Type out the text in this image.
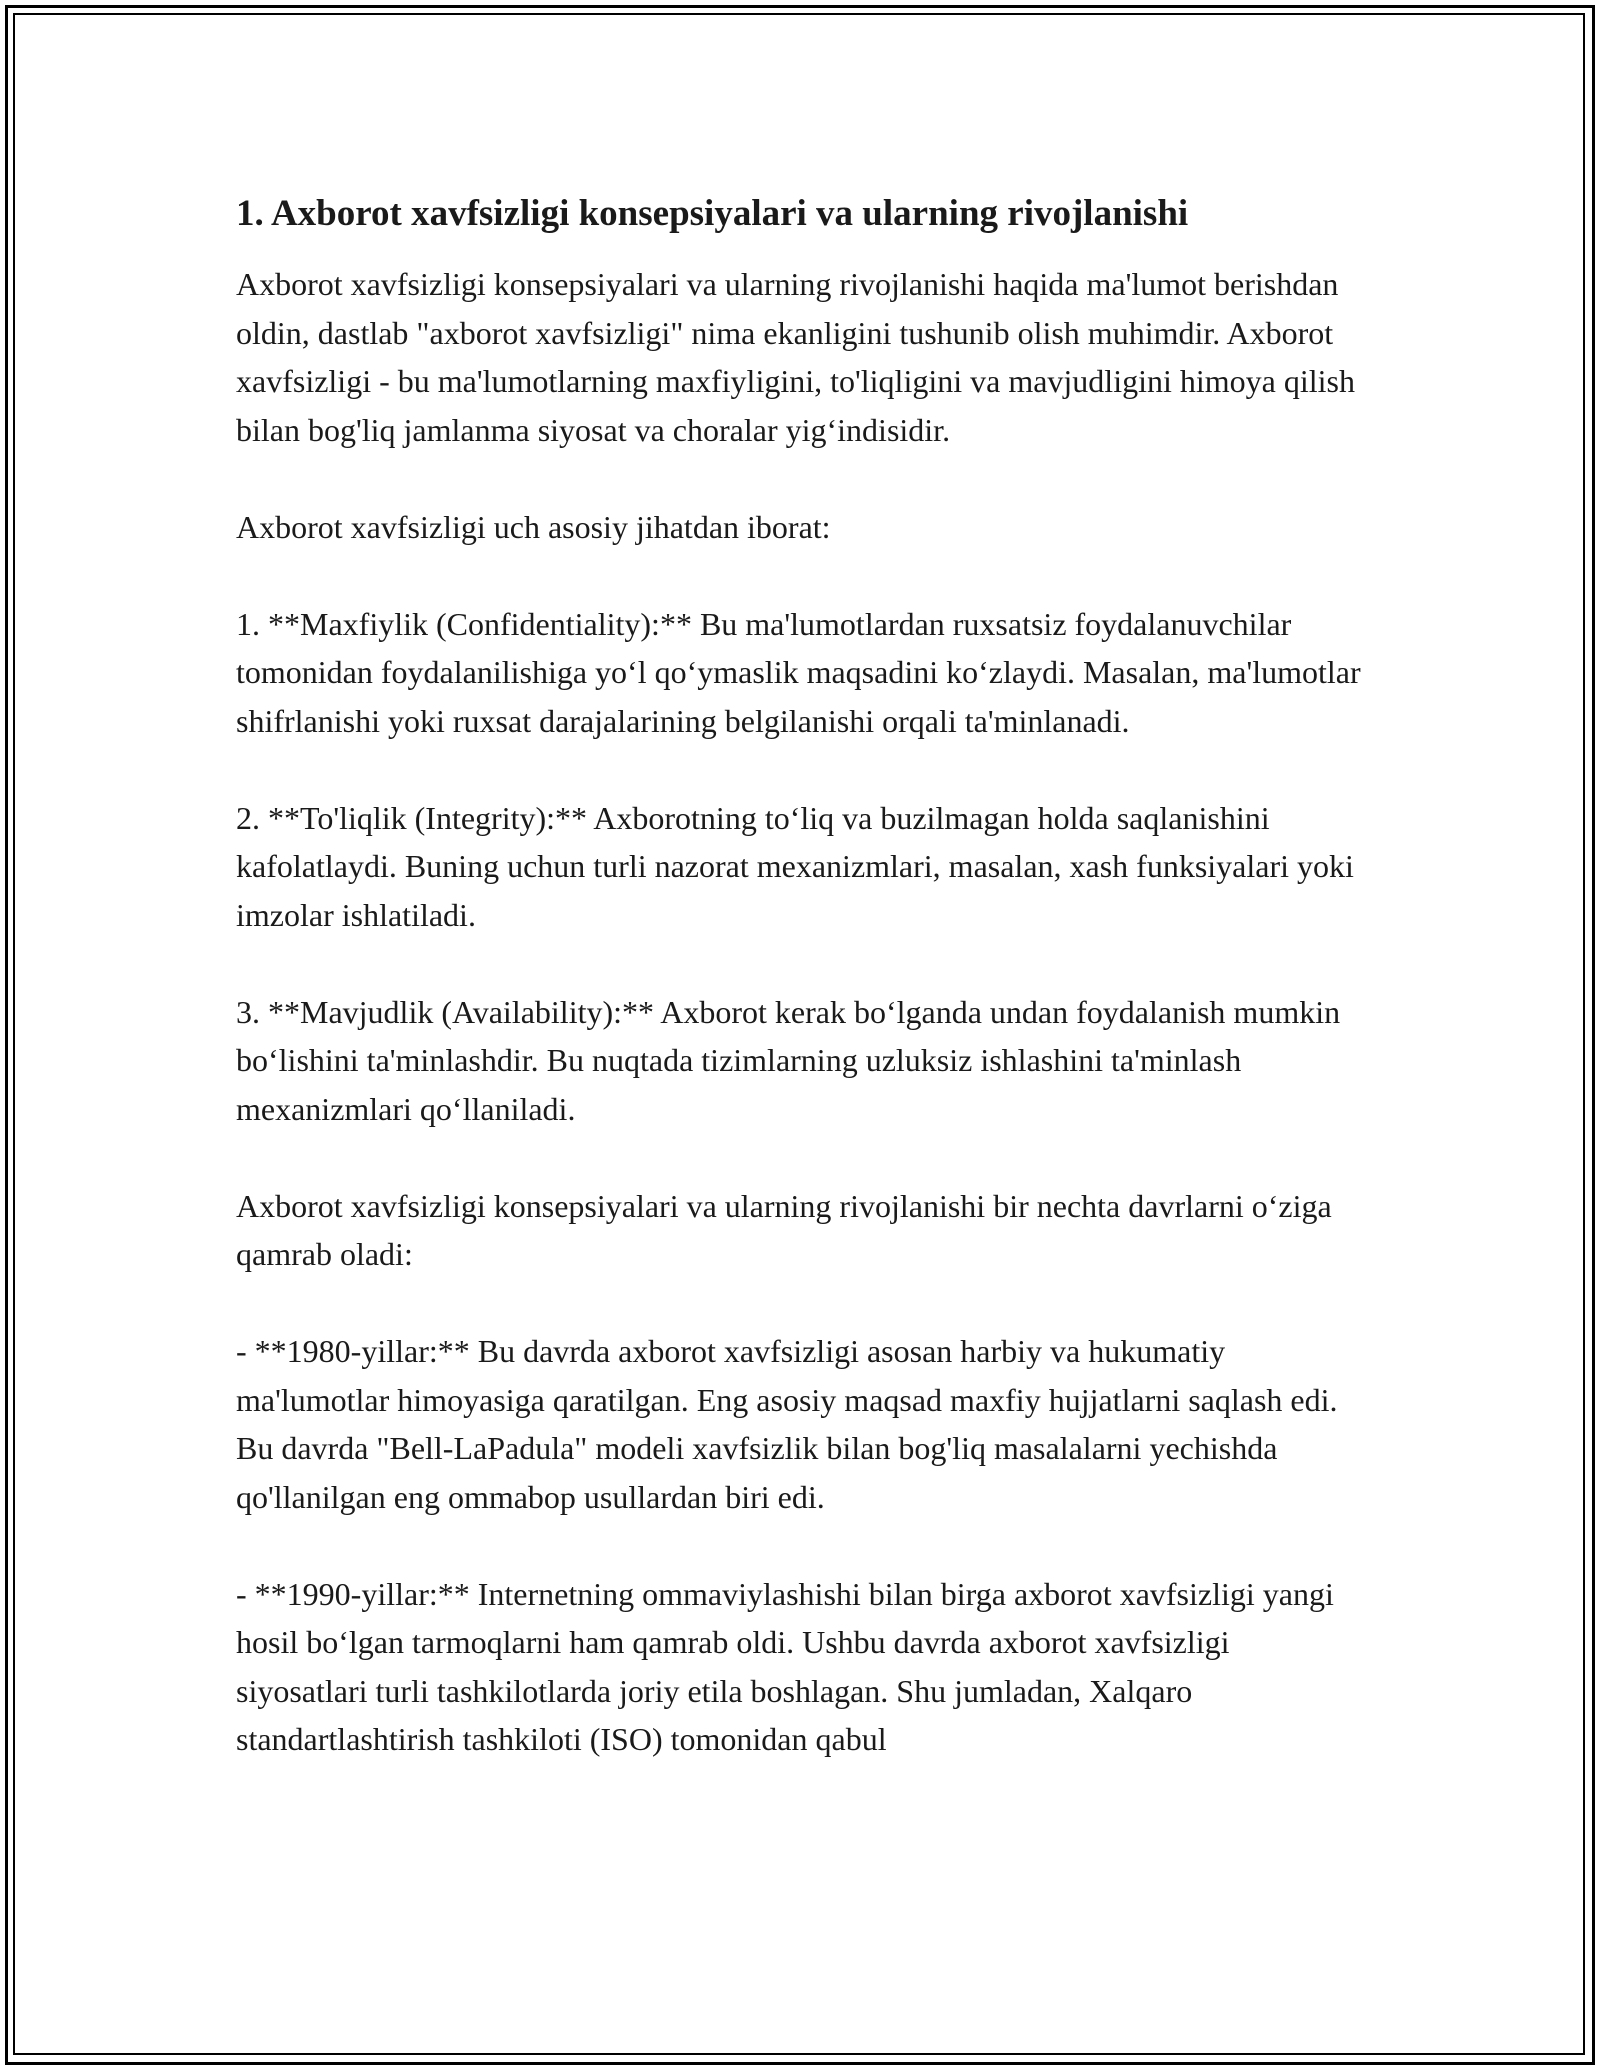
1. Axborot xavfsizligi konsepsiyalari va ularning rivojlanishi

Axborot xavfsizligi konsepsiyalari va ularning rivojlanishi haqida ma'lumot berishdan oldin, dastlab "axborot xavfsizligi" nima ekanligini tushunib olish muhimdir. Axborot xavfsizligi - bu ma'lumotlarning maxfiyligini, to'liqligini va mavjudligini himoya qilish bilan bog'liq jamlanma siyosat va choralar yig‘indisidir.

Axborot xavfsizligi uch asosiy jihatdan iborat:

1. **Maxfiylik (Confidentiality):** Bu ma'lumotlardan ruxsatsiz foydalanuvchilar tomonidan foydalanilishiga yo‘l qo‘ymaslik maqsadini ko‘zlaydi. Masalan, ma'lumotlar shifrlanishi yoki ruxsat darajalarining belgilanishi orqali ta'minlanadi.

2. **To'liqlik (Integrity):** Axborotning to‘liq va buzilmagan holda saqlanishini kafolatlaydi. Buning uchun turli nazorat mexanizmlari, masalan, xash funksiyalari yoki imzolar ishlatiladi.

3. **Mavjudlik (Availability):** Axborot kerak bo‘lganda undan foydalanish mumkin bo‘lishini ta'minlashdir. Bu nuqtada tizimlarning uzluksiz ishlashini ta'minlash mexanizmlari qo‘llaniladi.

Axborot xavfsizligi konsepsiyalari va ularning rivojlanishi bir nechta davrlarni o‘ziga qamrab oladi:

- **1980-yillar:** Bu davrda axborot xavfsizligi asosan harbiy va hukumatiy ma'lumotlar himoyasiga qaratilgan. Eng asosiy maqsad maxfiy hujjatlarni saqlash edi. Bu davrda "Bell-LaPadula" modeli xavfsizlik bilan bog'liq masalalarni yechishda qo'llanilgan eng ommabop usullardan biri edi.

- **1990-yillar:** Internetning ommaviylashishi bilan birga axborot xavfsizligi yangi hosil bo‘lgan tarmoqlarni ham qamrab oldi. Ushbu davrda axborot xavfsizligi siyosatlari turli tashkilotlarda joriy etila boshlagan. Shu jumladan, Xalqaro standartlashtirish tashkiloti (ISO) tomonidan qabul
